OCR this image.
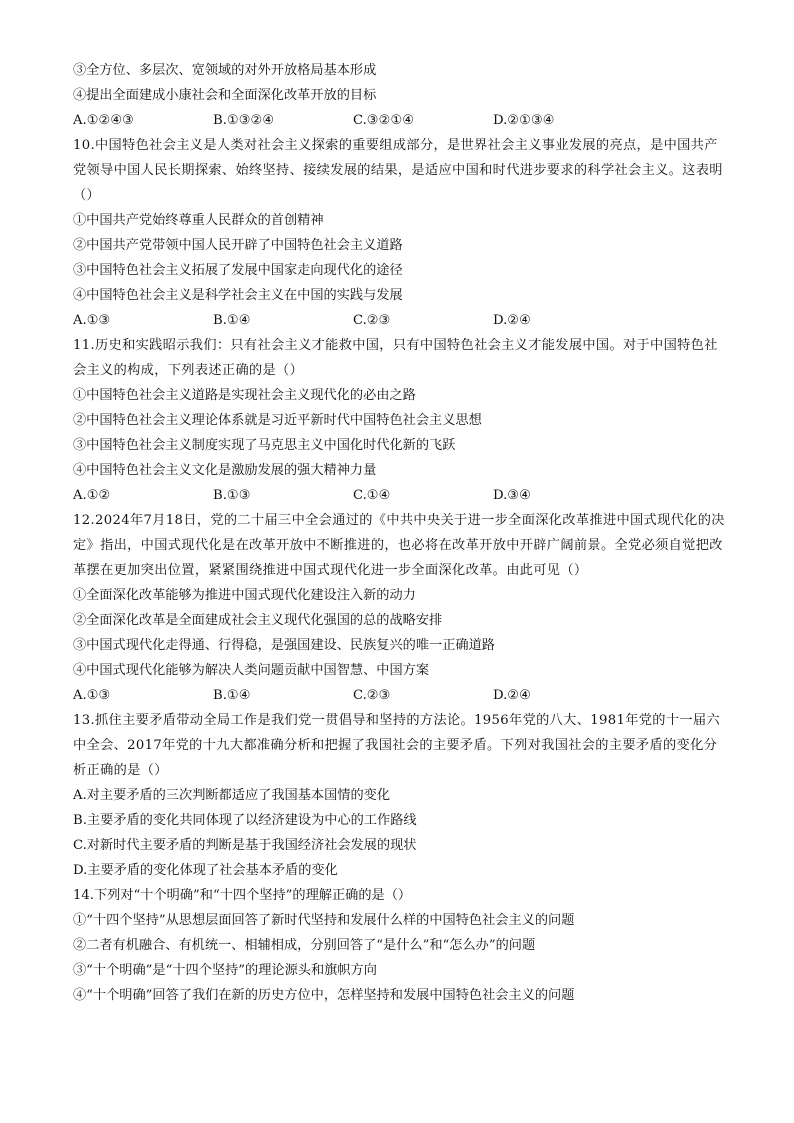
③全方位、多层次、宽领域的对外开放格局基本形成
④提出全面建成小康社会和全面深化改革开放的目标
A.①②④③	B.①③②④	C.③②①④	D.②①③④
10.中国特色社会主义是人类对社会主义探索的重要组成部分，是世界社会主义事业发展的亮点，是中国共产党领导中国人民长期探索、始终坚持、接续发展的结果，是适应中国和时代进步要求的科学社会主义。这表明（）
①中国共产党始终尊重人民群众的首创精神
②中国共产党带领中国人民开辟了中国特色社会主义道路
③中国特色社会主义拓展了发展中国家走向现代化的途径
④中国特色社会主义是科学社会主义在中国的实践与发展
A.①③	B.①④	C.②③	D.②④
11.历史和实践昭示我们：只有社会主义才能救中国，只有中国特色社会主义才能发展中国。对于中国特色社会主义的构成，下列表述正确的是（）
①中国特色社会主义道路是实现社会主义现代化的必由之路
②中国特色社会主义理论体系就是习近平新时代中国特色社会主义思想
③中国特色社会主义制度实现了马克思主义中国化时代化新的飞跃
④中国特色社会主义文化是激励发展的强大精神力量
A.①②	B.①③	C.①④	D.③④
12.2024年7月18日，党的二十届三中全会通过的《中共中央关于进一步全面深化改革推进中国式现代化的决定》指出，中国式现代化是在改革开放中不断推进的，也必将在改革开放中开辟广阔前景。全党必须自觉把改革摆在更加突出位置，紧紧围绕推进中国式现代化进一步全面深化改革。由此可见（）
①全面深化改革能够为推进中国式现代化建设注入新的动力
②全面深化改革是全面建成社会主义现代化强国的总的战略安排
③中国式现代化走得通、行得稳，是强国建设、民族复兴的唯一正确道路
④中国式现代化能够为解决人类问题贡献中国智慧、中国方案
A.①③	B.①④	C.②③	D.②④
13.抓住主要矛盾带动全局工作是我们党一贯倡导和坚持的方法论。1956年党的八大、1981年党的十一届六中全会、2017年党的十九大都准确分析和把握了我国社会的主要矛盾。下列对我国社会的主要矛盾的变化分析正确的是（）
A.对主要矛盾的三次判断都适应了我国基本国情的变化
B.主要矛盾的变化共同体现了以经济建设为中心的工作路线
C.对新时代主要矛盾的判断是基于我国经济社会发展的现状
D.主要矛盾的变化体现了社会基本矛盾的变化
14.下列对“十个明确”和“十四个坚持”的理解正确的是（）
①“十四个坚持”从思想层面回答了新时代坚持和发展什么样的中国特色社会主义的问题
②二者有机融合、有机统一、相辅相成，分别回答了“是什么”和“怎么办”的问题
③“十个明确”是“十四个坚持”的理论源头和旗帜方向
④“十个明确”回答了我们在新的历史方位中，怎样坚持和发展中国特色社会主义的问题
